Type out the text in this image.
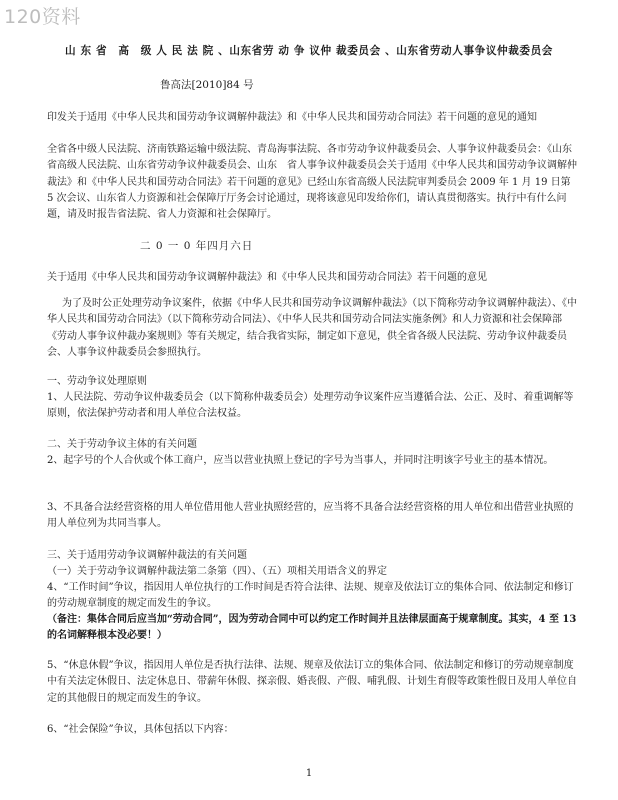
120资料
山 东 省　高　级 人 民 法 院 、山东省劳 动 争 议仲 裁委员会 、山东省劳动人事争议仲裁委员会
鲁高法[2010]84 号

印发关于适用《中华人民共和国劳动争议调解仲裁法》和《中华人民共和国劳动合同法》若干问题的意见的通知

全省各中级人民法院、济南铁路运输中级法院、青岛海事法院、各市劳动争议仲裁委员会、人事争议仲裁委员会：《山东省高级人民法院、山东省劳动争议仲裁委员会、山东　省人事争议仲裁委员会关于适用《中华人民共和国劳动争议调解仲裁法》和《中华人民共和国劳动合同法》若干问题的意见》已经山东省高级人民法院审判委员会 2009 年 1 月 19 日第 5 次会议、山东省人力资源和社会保障厅厅务会讨论通过，现将该意见印发给你们，请认真贯彻落实。执行中有什么问题，请及时报告省法院、省人力资源和社会保障厅。

二 0 一 0 年四月六日

关于适用《中华人民共和国劳动争议调解仲裁法》和《中华人民共和国劳动合同法》若干问题的意见

为了及时公正处理劳动争议案件，依据《中华人民共和国劳动争议调解仲裁法》（以下简称劳动争议调解仲裁法）、《中华人民共和国劳动合同法》（以下简称劳动合同法）、《中华人民共和国劳动合同法实施条例》和人力资源和社会保障部《劳动人事争议仲裁办案规则》等有关规定，结合我省实际，制定如下意见，供全省各级人民法院、劳动争议仲裁委员会、人事争议仲裁委员会参照执行。

一、劳动争议处理原则

1、人民法院、劳动争议仲裁委员会（以下简称仲裁委员会）处理劳动争议案件应当遵循合法、公正、及时、着重调解等原则，依法保护劳动者和用人单位合法权益。

二、关于劳动争议主体的有关问题

2、起字号的个人合伙或个体工商户，应当以营业执照上登记的字号为当事人，并同时注明该字号业主的基本情况。

3、不具备合法经营资格的用人单位借用他人营业执照经营的，应当将不具备合法经营资格的用人单位和出借营业执照的用人单位列为共同当事人。

三、关于适用劳动争议调解仲裁法的有关问题

（一）关于劳动争议调解仲裁法第二条第（四）、（五）项相关用语含义的界定

4、“工作时间”争议，指因用人单位执行的工作时间是否符合法律、法规、规章及依法订立的集体合同、依法制定和修订的劳动规章制度的规定而发生的争议。

（备注：集体合同后应当加“劳动合同”，因为劳动合同中可以约定工作时间并且法律层面高于规章制度。其实，4 至 13 的名词解释根本没必要！）

5、“休息休假”争议，指因用人单位是否执行法律、法规、规章及依法订立的集体合同、依法制定和修订的劳动规章制度中有关法定休假日、法定休息日、带薪年休假、探亲假、婚丧假、产假、哺乳假、计划生育假等政策性假日及用人单位自定的其他假日的规定而发生的争议。

6、“社会保险”争议，具体包括以下内容：

1
